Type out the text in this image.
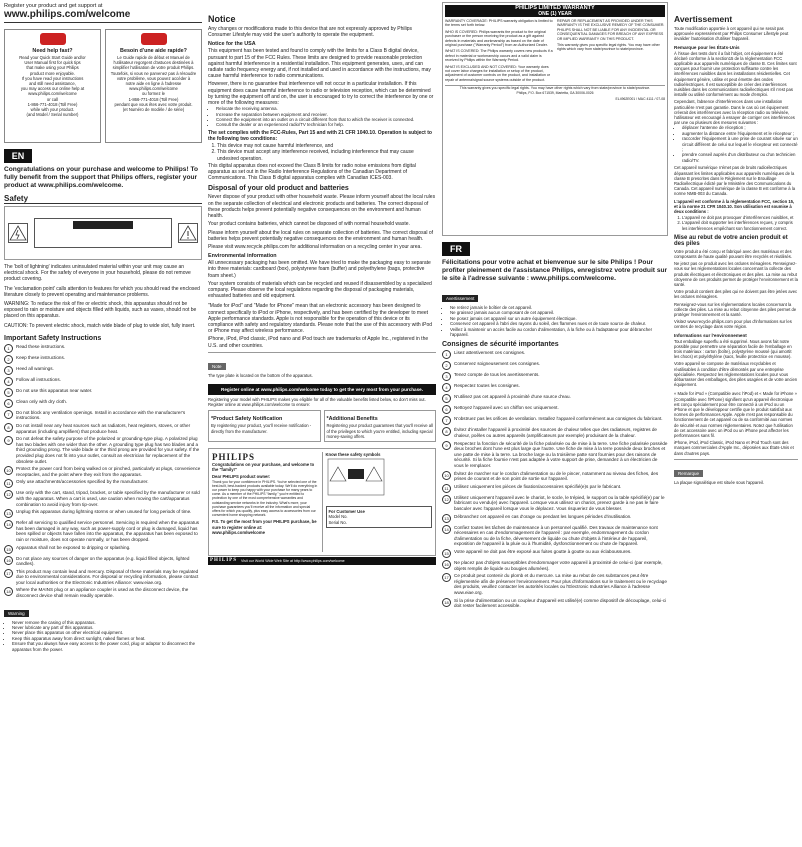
Register your product and get support at
www.philips.com/welcome
Need help fast?
Read your Quick Start Guide and/or
User Manual first for quick tips
that make using your Philips
product more enjoyable.
If you have read your instructions
and still need assistance,
you may access our online help at
www.philips.com/welcome
or call
1-866-771-4018 (Toll Free)
while with your product.
(and Model / Serial number)
Besoin d'une aide rapide?
Le Guide rapide de début et Manuel de
l'utilisateur regorgent d'astuces destinées à
simplifier l'utilisation de votre produit Philips.
Toutefois, si vous ne parvenez pas à résoudre
votre problème, vous pouvez accéder à
notre aide en ligne à l'adresse
www.philips.com/welcome
ou formez le
1-866-771-4018 (Toll Free)
pendant que vous êtes avec votre produit.
(et Numéro de modèle / de série)
EN
Congratulations on your purchase and welcome to Philips! To fully benefit from the support that Philips offers, register your product at www.philips.com/welcome.
Safety
The 'bolt of lightning' indicates uninsulated material within your unit may cause an electrical shock. For the safety of everyone in your household, please do not remove product covering.
The 'exclamation point' calls attention to features for which you should read the enclosed literature closely to prevent operating and maintenance problems.
WARNING: To reduce the risk of fire or electric shock, this apparatus should not be exposed to rain or moisture and objects filled with liquids, such as vases, should not be placed on this apparatus.
CAUTION: To prevent electric shock, match wide blade of plug to wide slot, fully insert.
Important Safety Instructions
1	Read these instructions.
2	Keep these instructions.
3	Heed all warnings.
4	Follow all instructions.
5	Do not use this apparatus near water.
6	Clean only with dry cloth.
7	Do not block any ventilation openings. Install in accordance with the manufacturer's instructions.
8	Do not install near any heat sources such as radiators, heat registers, stoves, or other apparatus (including amplifiers) that produce heat.
9	Do not defeat the safety purpose of the polarized or grounding-type plug. A polarized plug has two blades with one wider than the other. A grounding type plug has two blades and a third grounding prong. The wide blade or the third prong are provided for your safety. If the provided plug does not fit into your outlet, consult an electrician for replacement of the obsolete outlet.
10	Protect the power cord from being walked on or pinched, particularly at plugs, convenience receptacles, and the point where they exit from the apparatus.
11	Only use attachments/accessories specified by the manufacturer.
12	Use only with the cart, stand, tripod, bracket, or table specified by the manufacturer or sold with the apparatus. When a cart is used, use caution when moving the cart/apparatus combination to avoid injury from tip-over.
13	Unplug this apparatus during lightning storms or when unused for long periods of time.
14	Refer all servicing to qualified service personnel. Servicing is required when the apparatus has been damaged in any way, such as power-supply cord or plug is damaged, liquid has been spilled or objects have fallen into the apparatus, the apparatus has been exposed to rain or moisture, does not operate normally, or has been dropped.
15	Apparatus shall not be exposed to dripping or splashing.
16	Do not place any sources of danger on the apparatus (e.g. liquid filled objects, lighted candles).
17	This product may contain lead and mercury. Disposal of these materials may be regulated due to environmental considerations. For disposal or recycling information, please contact your local authorities or the Electronic Industries Alliance: www.eiae.org.
18	Where the MAINS plug or an appliance coupler is used as the disconnect device, the disconnect device shall remain readily operable.
Warning
• Never remove the casing of this apparatus.
• Never lubricate any part of this apparatus.
• Never place this apparatus on other electrical equipment.
• Keep this apparatus away from direct sunlight, naked flames or heat.
• Ensure that you always have easy access to the power cord, plug or adaptor to disconnect the apparatus from the power.
Notice
Any changes or modifications made to this device that are not expressly approved by Philips Consumer Lifestyle may void the user's authority to operate the equipment.
Notice for the USA
This equipment has been tested and found to comply with the limits for a Class B digital device, pursuant to part 15 of the FCC Rules. These limits are designed to provide reasonable protection against harmful interference in a residential installation. This equipment generates, uses, and can radiate radio frequency energy and, if not installed and used in accordance with the instructions, may cause harmful interference to radio communications.
However, there is no guarantee that interference will not occur in a particular installation. If this equipment does cause harmful interference to radio or television reception, which can be determined by turning the equipment off and on, the user is encouraged to try to correct the interference by one or more of the following measures:
• Relocate the receiving antenna.
• Increase the separation between equipment and receiver.
• Connect the equipment into an outlet on a circuit different from that to which the receiver is connected.
• Consult the dealer or an experienced radio/TV technician for help.
The set complies with the FCC-Rules, Part 15 and with 21 CFR 1040.10. Operation is subject to the following two conditions:
1. This device may not cause harmful interference, and
2. This device must accept any interference received, including interference that may cause undesired operation.
This digital apparatus does not exceed the Class B limits for radio noise emissions from digital apparatus as set out in the Radio Interference Regulations of the Canadian Department of Communications. This Class B digital apparatus complies with Canadian ICES-003.
Disposal of your old product and batteries
Never dispose of your product with other household waste. Please inform yourself about the local rules on the separate collection of electrical and electronic products and batteries. The correct disposal of these products helps prevent potentially negative consequences on the environment and human health.
Your product contains batteries, which cannot be disposed of with normal household waste.
Please inform yourself about the local rules on separate collection of batteries. The correct disposal of batteries helps prevent potentially negative consequences on the environment and human health.
Please visit www.recycle.philips.com for additional information on a recycling center in your area.
Environmental information
All unnecessary packaging has been omitted. We have tried to make the packaging easy to separate into three materials: cardboard (box), polystyrene foam (buffer) and polyethylene (bags, protective foam sheet.)
Your system consists of materials which can be recycled and reused if disassembled by a specialized company. Please observe the local regulations regarding the disposal of packaging materials, exhausted batteries and old equipment.
"Made for iPod" and "Made for iPhone" mean that an electronic accessory has been designed to connect specifically to iPod or iPhone, respectively, and has been certified by the developer to meet Apple performance standards. Apple is not responsible for the operation of this device or its compliance with safety and regulatory standards. Please note that the use of this accessory with iPod or iPhone may affect wireless performance.
iPhone, iPod, iPod classic, iPod nano and iPod touch are trademarks of Apple Inc., registered in the U.S. and other countries.
Note
The type plate is located on the bottom of the apparatus.
Register online at www.philips.com/welcome today to get the very most from your purchase.
Registering your model with PHILIPS makes you eligible for all of the valuable benefits listed below, so don't miss out. Register online at www.philips.com/welcome to ensure:
*Product Safety Notification
By registering your product, you'll receive notification - directly from the manufacturer.
*Additional Benefits
Registering your product guarantees that you'll receive all of the privileges to which you're entitled, including special money-saving offers.
PHILIPS
Congratulations on your purchase, and welcome to the "family!"
Dear PHILIPS product owner:
Thank you for your confidence in PHILIPS. You've selected one of the best-built, best-backed products available today. We'll do everything in our power to keep you happy with your purchase for many years to come. As a member of the PHILIPS "family," you're entitled to protection by one of the most comprehensive warranties and outstanding service networks in the industry. What's more, your purchase guarantees you'll receive all the information and special offers for which you qualify, plus easy access to accessories from our convenient home shopping network.
P.S. To get the most from your PHILIPS purchase, be sure to register online at:
www.philips.com/welcome
Know these safety symbols
For Customer Use
Model No.
Serial No.
PHILIPS Visit our World Wide Web Site at http://www.philips.com/welcome
PHILIPS LIMITED WARRANTY
ONE (1) YEAR
WARRANTY COVERAGE: PHILIPS warranty obligation is limited to the terms set forth below.
WHO IS COVERED: Philips warrants the product to the original purchaser or the person receiving the product as a gift against defects in materials and workmanship as based on the date of original purchase ("Warranty Period") from an Authorized Dealer.
WHAT IS COVERED: The Philips warranty covers new products if a defect in material or workmanship occurs and a valid claim is received by Philips within the Warranty Period.
WHAT IS EXCLUDED AND NOT COVERED: Your warranty does not cover labor charges for installation or setup of the product, adjustment of customer controls on the product, and installation or repair of antenna/signal source systems outside of the product.
REPAIR OR REPLACEMENT AS PROVIDED UNDER THIS WARRANTY IS THE EXCLUSIVE REMEDY OF THE CONSUMER. PHILIPS SHALL NOT BE LIABLE FOR ANY INCIDENTAL OR CONSEQUENTIAL DAMAGES FOR BREACH OF ANY EXPRESS OR IMPLIED WARRANTY ON THIS PRODUCT.
This warranty gives you specific legal rights. You may have other rights which vary from state/province to state/province.
This warranty gives you specific legal rights. You may have other rights which vary from state/province to state/province.
Philips, P.O. Box 671539, Marietta, GA 30006-0026
EL4962E001 / MAC 4111 / 07-08
FR
Félicitations pour votre achat et bienvenue sur le site Philips ! Pour profiter pleinement de l'assistance Philips, enregistrez votre produit sur le site à l'adresse suivante : www.philips.com/welcome.
Avertissement
• Ne retirez jamais le boîtier de cet appareil.
• Ne graissez jamais aucun composant de cet appareil.
• Ne posez jamais cet appareil sur un autre équipement électrique.
• Conservez cet appareil à l'abri des rayons du soleil, des flammes nues et de toute source de chaleur.
• Veillez à maintenir un accès facile au cordon d'alimentation, à la fiche ou à l'adaptateur pour débrancher l'appareil.
Consignes de sécurité importantes
1	Lisez attentivement ces consignes.
2	Conservez soigneusement ces consignes.
3	Tenez compte de tous les avertissements.
4	Respectez toutes les consignes.
5	N'utilisez pas cet appareil à proximité d'une source d'eau.
6	Nettoyez l'appareil avec un chiffon sec uniquement.
7	N'obstruez pas les orifices de ventilation. Installez l'appareil conformément aux consignes du fabricant.
8	Évitez d'installer l'appareil à proximité des sources de chaleur telles que des radiateurs, registres de chaleur, poêles ou autres appareils (amplificateurs par exemple) produisant de la chaleur.
9	Respectez la fonction de sécurité de la fiche polarisée ou de mise à la terre. Une fiche polarisée possède deux broches dont l'une est plus large que l'autre. Une fiche de mise à la terre possède deux broches et une patte de mise à la terre. La broche large ou la troisième patte sont fournies pour des raisons de sécurité. Si la fiche fournie n'est pas adaptée à votre support de prise, demandez à un électricien de vous le remplacer.
10	Évitez de marcher sur le cordon d'alimentation ou de le pincer, notamment au niveau des fiches, des prises de courant et de son point de sortie sur l'appareil.
11	Utilisez uniquement les pièces de fixation/accessoires spécifié(e)s par le fabricant.
12	Utilisez uniquement l'appareil avec le chariot, le socle, le trépied, le support ou la table spécifié(e) par le fabricant ou vendu(e) avec l'appareil. Lorsque vous utilisez un chariot, prenez garde à ne pas le faire basculer avec l'appareil lorsque vous le déplacez. Vous risqueriez de vous blesser.
13	Débranchez cet appareil en cas d'orage ou pendant les longues périodes d'inutilisation.
14	Confiez toutes les tâches de maintenance à un personnel qualifié. Des travaux de maintenance sont nécessaires en cas d'endommagement de l'appareil : par exemple, endommagement du cordon d'alimentation ou de la fiche, déversement de liquide ou chute d'objets à l'intérieur de l'appareil, exposition de l'appareil à la pluie ou à l'humidité, dysfonctionnement ou chute de l'appareil.
15	Votre appareil ne doit pas être exposé aux fuites goutte à goutte ou aux éclaboussures.
16	Ne placez pas d'objets susceptibles d'endommager votre appareil à proximité de celui-ci (par exemple, objets remplis de liquide ou bougies allumées).
17	Ce produit peut contenir du plomb et du mercure. La mise au rebut de ces substances peut être réglementée afin de préserver l'environnement. Pour plus d'informations sur le traitement ou le recyclage des produits, veuillez contacter les autorités locales ou l'Electronic Industries Alliance à l'adresse www.eiae.org.
18	Si la prise d'alimentation ou un coupleur d'appareil est utilisé(e) comme dispositif de découplage, celui-ci doit rester facilement accessible.
Avertissement
Toute modification apportée à cet appareil qui ne serait pas approuvée expressément par Philips Consumer Lifestyle peut invalider l'autorisation d'utiliser l'appareil.
Remarque pour les États-Unis
À l'issue des tests dont il a fait l'objet, cet équipement a été déclaré conforme à la section15 de la réglementation FCC applicable aux appareils numériques de classe B. Ces limites sont conçues pour fournir une protection suffisante contre les interférences nuisibles dans les installations résidentielles. Cet équipement génère, utilise et peut émettre des ondes radioélectriques. Il est susceptible de créer des interférences nuisibles dans les communications radioélectriques s'il n'est pas installé ou utilisé conformément au mode d'emploi.
Cependant, l'absence d'interférences dans une installation particulière n'est pas garantie. Dans le cas où cet équipement créerait des interférences avec la réception radio ou télévisée, l'utilisateur est encouragé à essayer de corriger ces interférences par une ou plusieurs des mesures suivantes :
• déplacer l'antenne de réception ;
• augmenter la distance entre l'équipement et le récepteur ;
• raccorder l'équipement à une prise de courant située sur un circuit différent de celui sur lequel le récepteur est connecté ;
• prendre conseil auprès d'un distributeur ou d'un technicien radio/TV.
Cet appareil numérique n'émet pas de bruits radioélectriques dépassant les limites applicables aux appareils numériques de la classe B prescrites dans le Règlement sur le Brouillage Radioélectrique édicté par le Ministère des Communications du Canada. Cet appareil numérique de la classe B est conforme à la norme NMB-003 du Canada.
L'appareil est conforme à la réglementation FCC, section 15, et à la norme 21 CFR 1040.10. Son utilisation est soumise à deux conditions :
1. L'appareil ne doit pas provoquer d'interférences nuisibles, et
2. L'appareil doit supporter les interférences reçues, y compris les interférences empêchant son fonctionnement correct.
Mise au rebut de votre ancien produit et des piles
Votre produit a été conçu et fabriqué avec des matériaux et des composants de haute qualité pouvant être recyclés et réutilisés.
Ne jetez pas ce produit avec les ordures ménagères. Renseignez-vous sur les réglementations locales concernant la collecte des produits électriques et électroniques et des piles. La mise au rebut citoyenne de ces produits permet de protéger l'environnement et la santé.
Votre produit contient des piles qui ne doivent pas être jetées avec les ordures ménagères.
Renseignez-vous sur les réglementations locales concernant la collecte des piles. La mise au rebut citoyenne des piles permet de protéger l'environnement et la santé.
Visitez www.recycle.philips.com pour plus d'informations sur les centres de recyclage dans votre région.
Informations sur l'environnement
Tout emballage superflu a été supprimé. Nous avons fait notre possible pour permettre une séparation facile de l'emballage en trois matériaux : carton (boîte), polystyrène moussé (qui amortit les chocs) et polyéthylène (sacs, feuille protectrice en mousse).
Votre appareil se compose de matériaux recyclables et réutilisables à condition d'être démontés par une entreprise spécialisée. Respectez les réglementations locales pour vous débarrasser des emballages, des piles usagées et de votre ancien équipement.
« Made for iPod » (Compatible avec l'iPod) et « Made for iPhone » (Compatible avec l'iPhone) signifient qu'un appareil électronique est conçu spécialement pour être connecté à un iPod ou un iPhone et que le développeur certifie que le produit satisfait aux normes de performances Apple. Apple n'est pas responsable du fonctionnement de cet appareil ou de sa conformité aux normes de sécurité et aux normes réglementaires. Notez que l'utilisation de cet accessoire avec un iPod ou un iPhone peut affecter les performances sans fil.
iPhone, iPod, iPod Classic, iPod Nano et iPod Touch sont des marques commerciales d'Apple Inc., déposées aux États-Unis et dans d'autres pays.
Remarque
La plaque signalétique est située sous l'appareil.
